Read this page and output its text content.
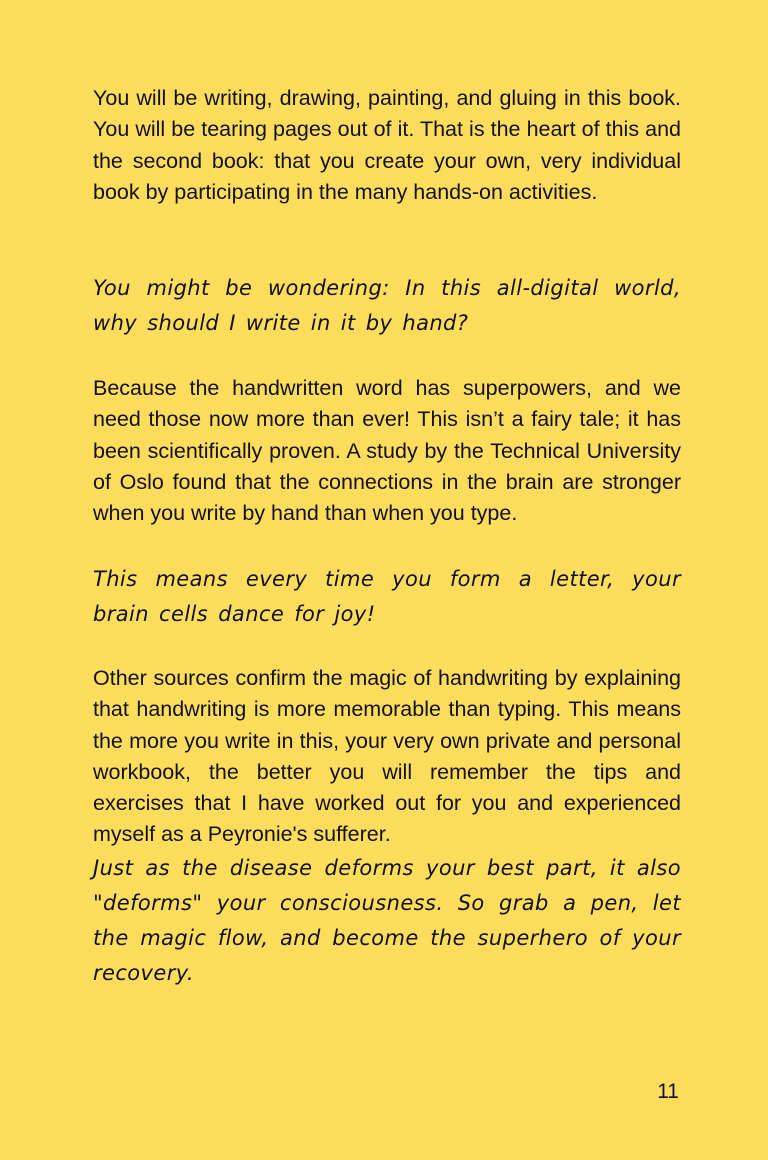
You will be writing, drawing, painting, and gluing in this book. You will be tearing pages out of it. That is the heart of this and the second book: that you create your own, very individual book by participating in the many hands-on activities.

You might be wondering: In this all-digital world, why should I write in it by hand?

Because the handwritten word has superpowers, and we need those now more than ever! This isn’t a fairy tale; it has been scientifically proven. A study by the Technical University of Oslo found that the connections in the brain are stronger when you write by hand than when you type.

This means every time you form a letter, your brain cells dance for joy!

Other sources confirm the magic of handwriting by explaining that handwriting is more memorable than typing. This means the more you write in this, your very own private and personal workbook, the better you will remember the tips and exercises that I have worked out for you and experienced myself as a Peyronie's sufferer.

Just as the disease deforms your best part, it also "deforms" your consciousness. So grab a pen, let the magic flow, and become the superhero of your recovery.

11
